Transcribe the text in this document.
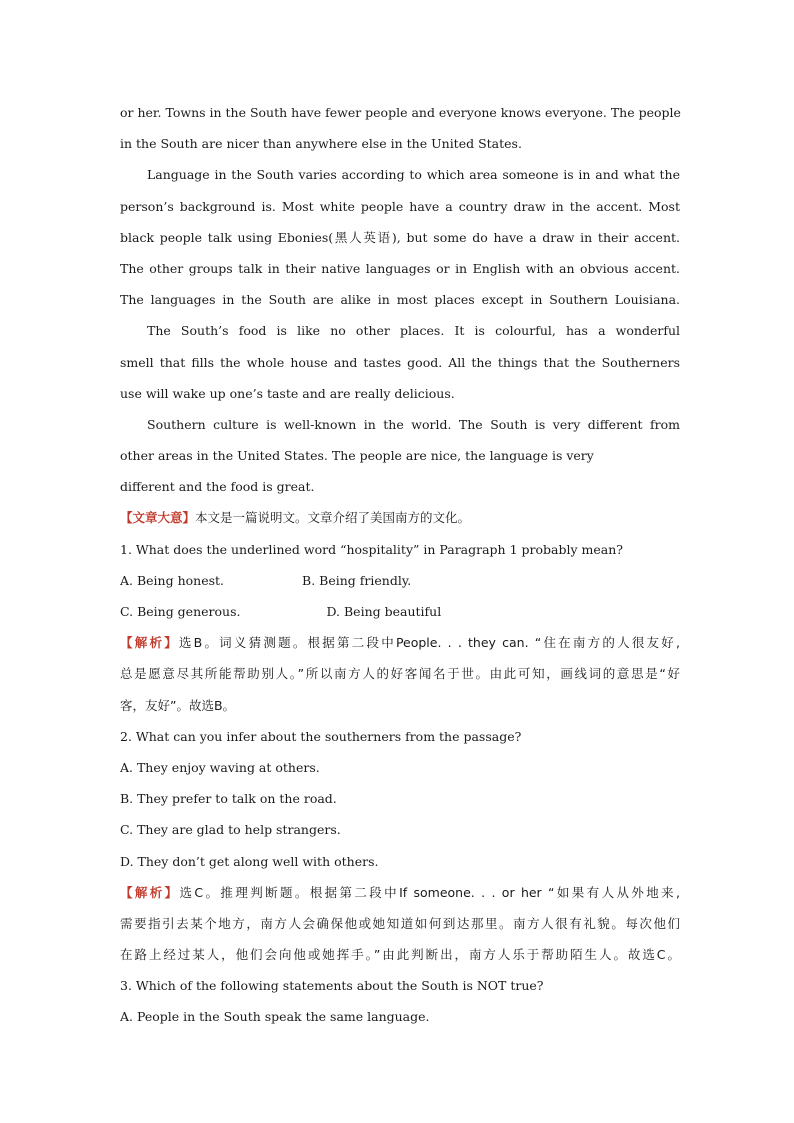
or her. Towns in the South have fewer people and everyone knows everyone. The people
in the South are nicer than anywhere else in the United States.
Language in the South varies according to which area someone is in and what the
person’s background is. Most white people have a country draw in the accent. Most
black people talk using Ebonies(黑人英语), but some do have a draw in their accent.
The other groups talk in their native languages or in English with an obvious accent.
The languages in the South are alike in most places except in Southern Louisiana.
The South’s food is like no other places. It is colourful, has a wonderful
smell that fills the whole house and tastes good. All the things that the Southerners
use will wake up one’s taste and are really delicious.
Southern culture is well-known in the world. The South is very different from
other areas in the United States. The people are nice, the language is very
different and the food is great.
【文章大意】本文是一篇说明文。文章介绍了美国南方的文化。
1. What does the underlined word “hospitality” in Paragraph 1 probably mean?
A. Being honest.	B. Being friendly.
C. Being generous.	D. Being beautiful
【解析】选B。词义猜测题。根据第二段中People. . . they can. “住在南方的人很友好,
总是愿意尽其所能帮助别人。”所以南方人的好客闻名于世。由此可知，画线词的意思是“好
客，友好”。故选B。
2. What can you infer about the southerners from the passage?
A. They enjoy waving at others.
B. They prefer to talk on the road.
C. They are glad to help strangers.
D. They don’t get along well with others.
【解析】选C。推理判断题。根据第二段中If someone. . . or her “如果有人从外地来,
需要指引去某个地方，南方人会确保他或她知道如何到达那里。南方人很有礼貌。每次他们
在路上经过某人，他们会向他或她挥手。”由此判断出，南方人乐于帮助陌生人。故选C。
3. Which of the following statements about the South is NOT true?
A. People in the South speak the same language.
